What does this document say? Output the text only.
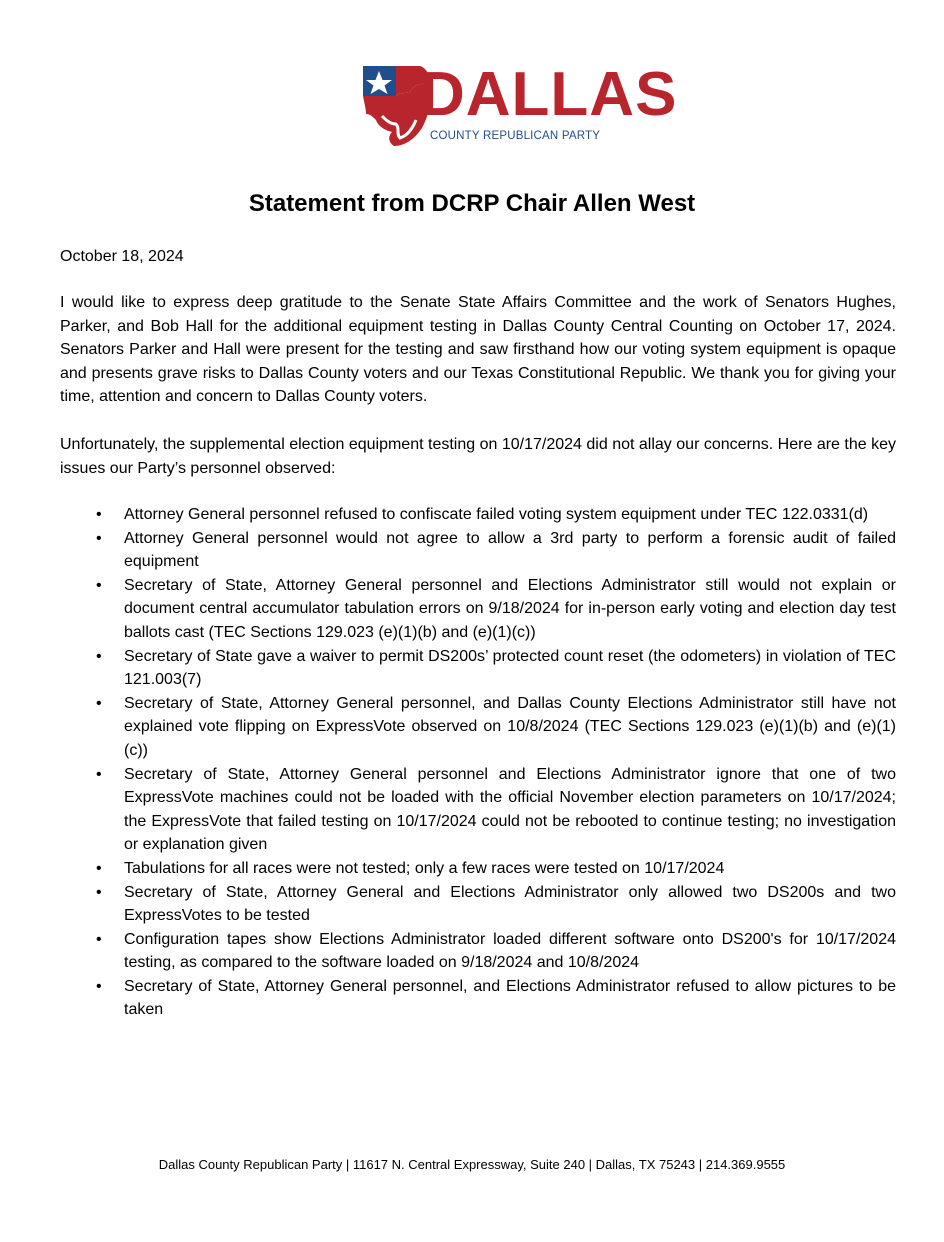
DALLAS
COUNTY REPUBLICAN PARTY
Statement from DCRP Chair Allen West
October 18, 2024

I would like to express deep gratitude to the Senate State Affairs Committee and the work of Senators Hughes, Parker, and Bob Hall for the additional equipment testing in Dallas County Central Counting on October 17, 2024. Senators Parker and Hall were present for the testing and saw firsthand how our voting system equipment is opaque and presents grave risks to Dallas County voters and our Texas Constitutional Republic. We thank you for giving your time, attention and concern to Dallas County voters.

Unfortunately, the supplemental election equipment testing on 10/17/2024 did not allay our concerns. Here are the key issues our Party’s personnel observed:

• Attorney General personnel refused to confiscate failed voting system equipment under TEC 122.0331(d)
• Attorney General personnel would not agree to allow a 3rd party to perform a forensic audit of failed equipment
• Secretary of State, Attorney General personnel and Elections Administrator still would not explain or document central accumulator tabulation errors on 9/18/2024 for in-person early voting and election day test ballots cast (TEC Sections 129.023 (e)(1)(b) and (e)(1)(c))
• Secretary of State gave a waiver to permit DS200s’ protected count reset (the odometers) in violation of TEC 121.003(7)
• Secretary of State, Attorney General personnel, and Dallas County Elections Administrator still have not explained vote flipping on ExpressVote observed on 10/8/2024 (TEC Sections 129.023 (e)(1)(b) and (e)(1)(c))
• Secretary of State, Attorney General personnel and Elections Administrator ignore that one of two ExpressVote machines could not be loaded with the official November election parameters on 10/17/2024; the ExpressVote that failed testing on 10/17/2024 could not be rebooted to continue testing; no investigation or explanation given
• Tabulations for all races were not tested; only a few races were tested on 10/17/2024
• Secretary of State, Attorney General and Elections Administrator only allowed two DS200s and two ExpressVotes to be tested
• Configuration tapes show Elections Administrator loaded different software onto DS200's for 10/17/2024 testing, as compared to the software loaded on 9/18/2024 and 10/8/2024
• Secretary of State, Attorney General personnel, and Elections Administrator refused to allow pictures to be taken
Dallas County Republican Party | 11617 N. Central Expressway, Suite 240 | Dallas, TX 75243 | 214.369.9555
